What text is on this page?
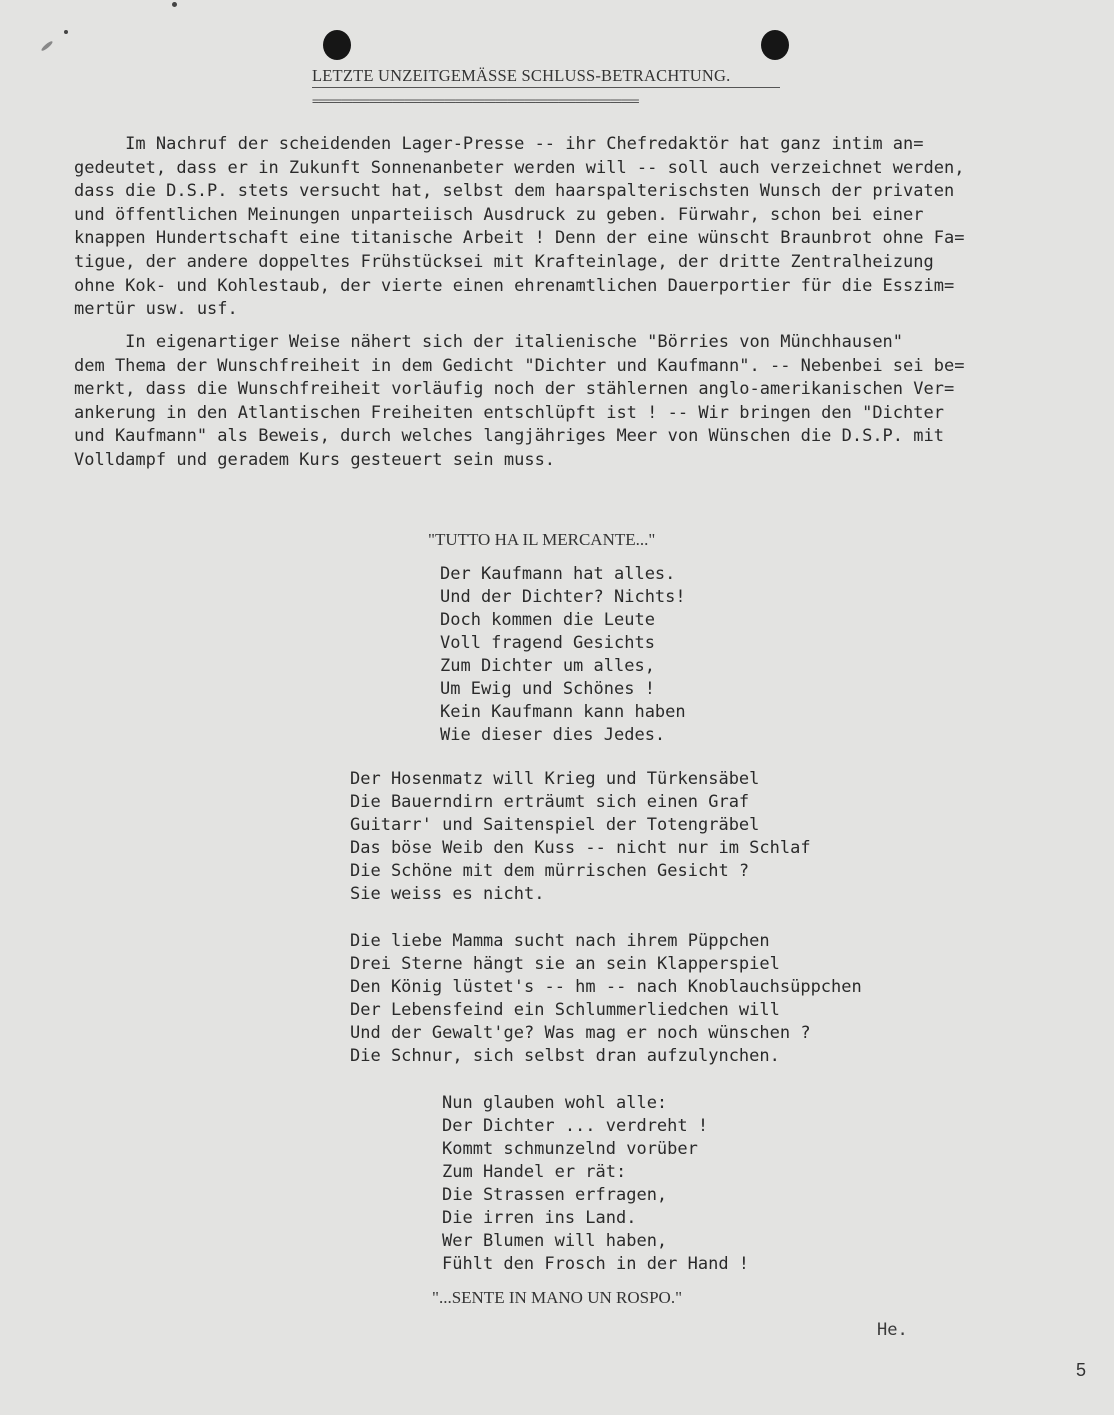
LETZTE UNZEITGEMÄSSE SCHLUSS-BETRACHTUNG.
=========================================================
Im Nachruf der scheidenden Lager-Presse -- ihr Chefredaktör hat ganz intim an=
gedeutet, dass er in Zukunft Sonnenanbeter werden will -- soll auch verzeichnet werden,
dass die D.S.P. stets versucht hat, selbst dem haarspalterischsten Wunsch der privaten
und öffentlichen Meinungen unparteiisch Ausdruck zu geben. Fürwahr, schon bei einer
knappen Hundertschaft eine titanische Arbeit ! Denn der eine wünscht Braunbrot ohne Fa=
tigue, der andere doppeltes Frühstücksei mit Krafteinlage, der dritte Zentralheizung
ohne Kok- und Kohlestaub, der vierte einen ehrenamtlichen Dauerportier für die Esszim=
mertür usw. usf.
In eigenartiger Weise nähert sich der italienische "Börries von Münchhausen"
dem Thema der Wunschfreiheit in dem Gedicht "Dichter und Kaufmann". -- Nebenbei sei be=
merkt, dass die Wunschfreiheit vorläufig noch der stählernen anglo-amerikanischen Ver=
ankerung in den Atlantischen Freiheiten entschlüpft ist ! -- Wir bringen den "Dichter
und Kaufmann" als Beweis, durch welches langjähriges Meer von Wünschen die D.S.P. mit
Volldampf und geradem Kurs gesteuert sein muss.
"TUTTO HA IL MERCANTE..."
Der Kaufmann hat alles.
Und der Dichter? Nichts!
Doch kommen die Leute
Voll fragend Gesichts
Zum Dichter um alles,
Um Ewig und Schönes !
Kein Kaufmann kann haben
Wie dieser dies Jedes.
Der Hosenmatz will Krieg und Türkensäbel
Die Bauerndirn erträumt sich einen Graf
Guitarr' und Saitenspiel der Totengräbel
Das böse Weib den Kuss -- nicht nur im Schlaf
Die Schöne mit dem mürrischen Gesicht ?
Sie weiss es nicht.
Die liebe Mamma sucht nach ihrem Püppchen
Drei Sterne hängt sie an sein Klapperspiel
Den König lüstet's -- hm -- nach Knoblauchsüppchen
Der Lebensfeind ein Schlummerliedchen will
Und der Gewalt'ge? Was mag er noch wünschen ?
Die Schnur, sich selbst dran aufzulynchen.
Nun glauben wohl alle:
Der Dichter ... verdreht !
Kommt schmunzelnd vorüber
Zum Handel er rät:
Die Strassen erfragen,
Die irren ins Land.
Wer Blumen will haben,
Fühlt den Frosch in der Hand !
"...SENTE IN MANO UN ROSPO."
He.
5
